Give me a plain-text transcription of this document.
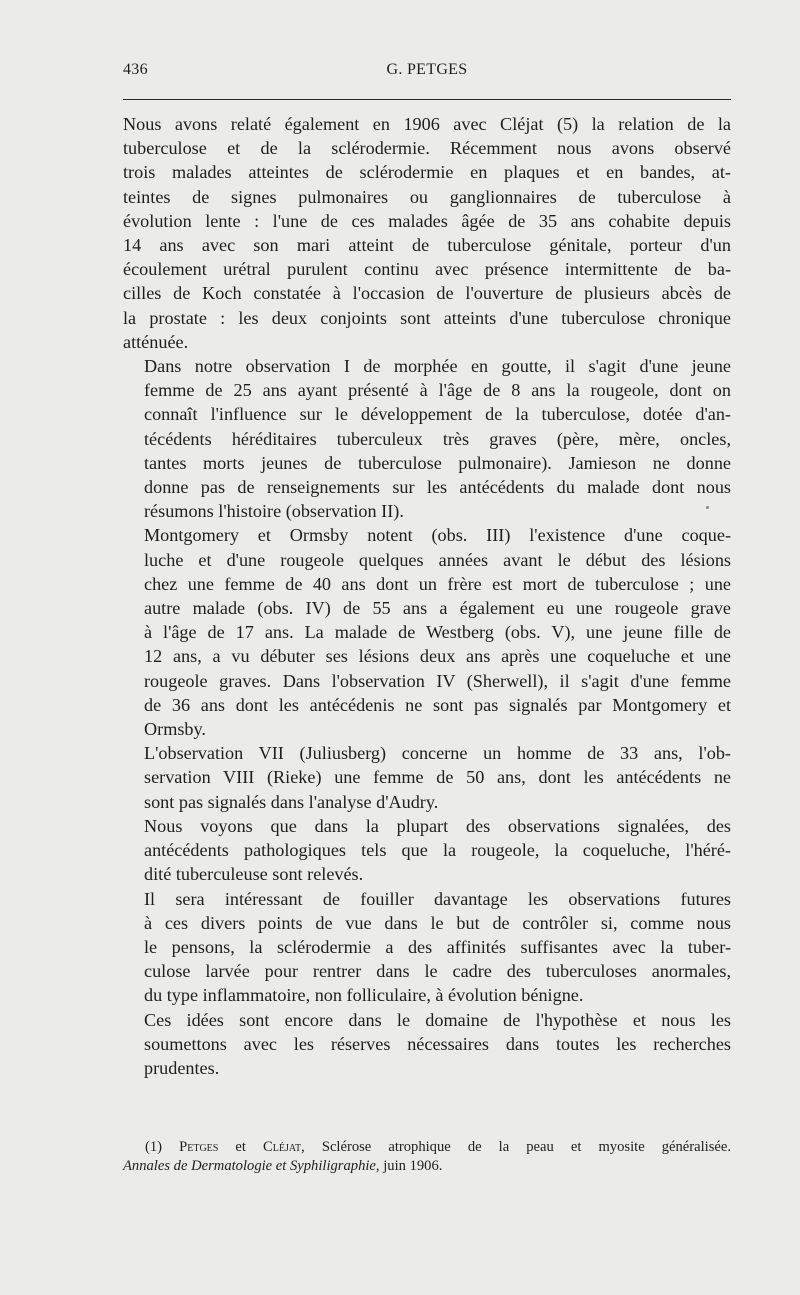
436	G. PETGES

Nous avons relaté également en 1906 avec Cléjat (5) la relation de la
tuberculose et de la sclérodermie. Récemment nous avons observé
trois malades atteintes de sclérodermie en plaques et en bandes, at-
teintes de signes pulmonaires ou ganglionnaires de tuberculose à
évolution lente : l'une de ces malades âgée de 35 ans cohabite depuis
14 ans avec son mari atteint de tuberculose génitale, porteur d'un
écoulement urétral purulent continu avec présence intermittente de ba-
cilles de Koch constatée à l'occasion de l'ouverture de plusieurs abcès de
la prostate : les deux conjoints sont atteints d'une tuberculose chronique
atténuée.

Dans notre observation I de morphée en goutte, il s'agit d'une jeune
femme de 25 ans ayant présenté à l'âge de 8 ans la rougeole, dont on
connaît l'influence sur le développement de la tuberculose, dotée d'an-
técédents héréditaires tuberculeux très graves (père, mère, oncles,
tantes morts jeunes de tuberculose pulmonaire). Jamieson ne donne
donne pas de renseignements sur les antécédents du malade dont nous
résumons l'histoire (observation II).

Montgomery et Ormsby notent (obs. III) l'existence d'une coque-
luche et d'une rougeole quelques années avant le début des lésions
chez une femme de 40 ans dont un frère est mort de tuberculose ; une
autre malade (obs. IV) de 55 ans a également eu une rougeole grave
à l'âge de 17 ans. La malade de Westberg (obs. V), une jeune fille de
12 ans, a vu débuter ses lésions deux ans après une coqueluche et une
rougeole graves. Dans l'observation IV (Sherwell), il s'agit d'une femme
de 36 ans dont les antécédenis ne sont pas signalés par Montgomery et
Ormsby.

L'observation VII (Juliusberg) concerne un homme de 33 ans, l'ob-
servation VIII (Rieke) une femme de 50 ans, dont les antécédents ne
sont pas signalés dans l'analyse d'Audry.

Nous voyons que dans la plupart des observations signalées, des
antécédents pathologiques tels que la rougeole, la coqueluche, l'héré-
dité tuberculeuse sont relevés.

Il sera intéressant de fouiller davantage les observations futures
à ces divers points de vue dans le but de contrôler si, comme nous
le pensons, la sclérodermie a des affinités suffisantes avec la tuber-
culose larvée pour rentrer dans le cadre des tuberculoses anormales,
du type inflammatoire, non folliculaire, à évolution bénigne.

Ces idées sont encore dans le domaine de l'hypothèse et nous les
soumettons avec les réserves nécessaires dans toutes les recherches
prudentes.

(1) Petges et Cléjat, Sclérose atrophique de la peau et myosite généralisée.
Annales de Dermatologie et Syphiligraphie, juin 1906.
